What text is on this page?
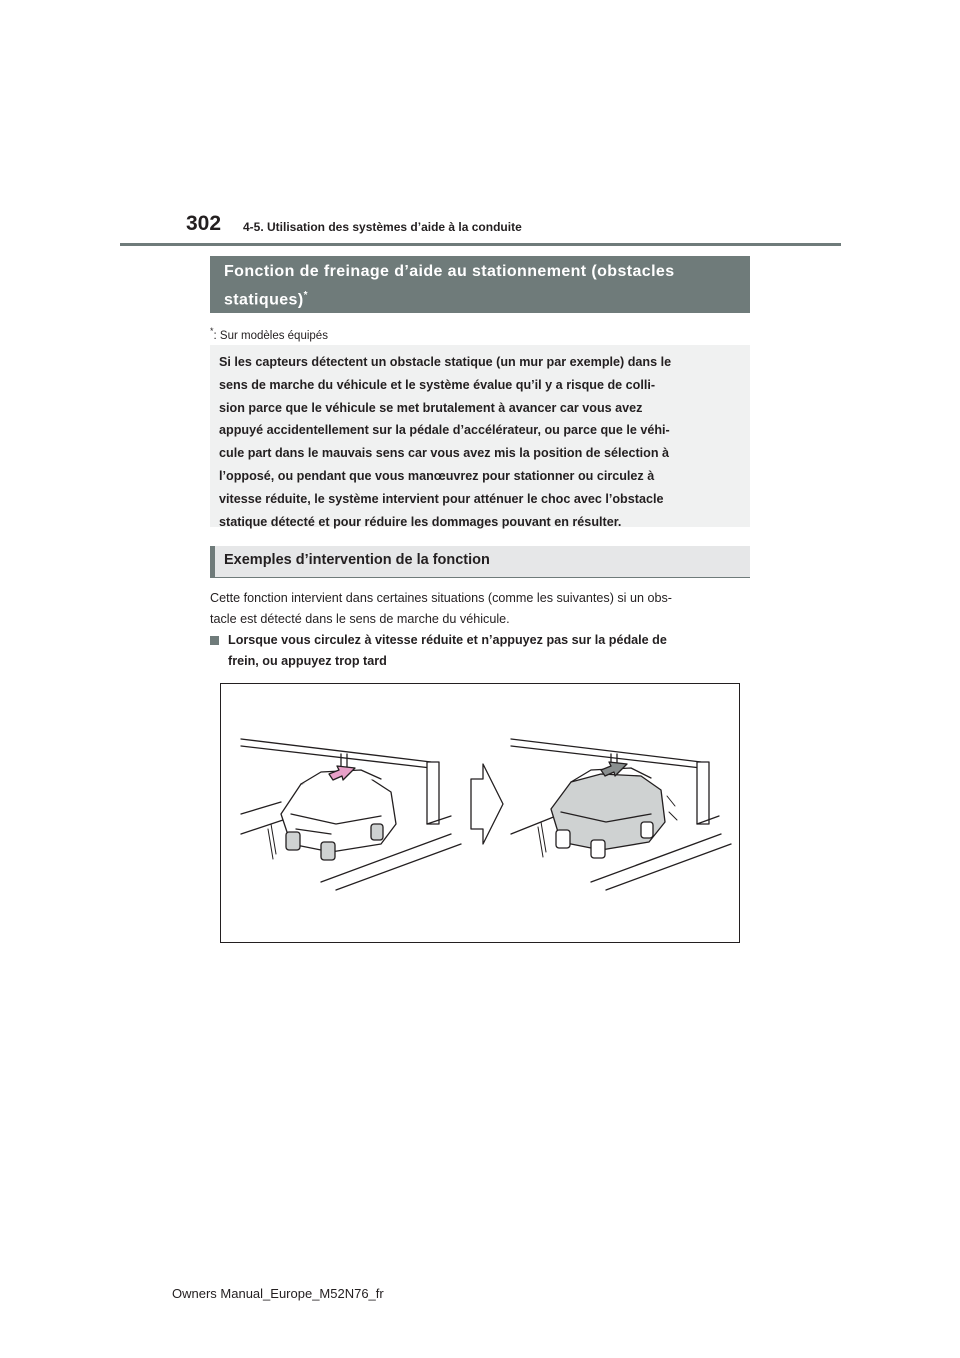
302 4-5. Utilisation des systèmes d’aide à la conduite
Fonction de freinage d’aide au stationnement (obstacles statiques)*
*: Sur modèles équipés
Si les capteurs détectent un obstacle statique (un mur par exemple) dans le
sens de marche du véhicule et le système évalue qu’il y a risque de colli-
sion parce que le véhicule se met brutalement à avancer car vous avez
appuyé accidentellement sur la pédale d’accélérateur, ou parce que le véhi-
cule part dans le mauvais sens car vous avez mis la position de sélection à
l’opposé, ou pendant que vous manœuvrez pour stationner ou circulez à
vitesse réduite, le système intervient pour atténuer le choc avec l’obstacle
statique détecté et pour réduire les dommages pouvant en résulter.
Exemples d’intervention de la fonction
Cette fonction intervient dans certaines situations (comme les suivantes) si un obs-
tacle est détecté dans le sens de marche du véhicule.
Lorsque vous circulez à vitesse réduite et n’appuyez pas sur la pédale de
frein, ou appuyez trop tard
Owners Manual_Europe_M52N76_fr
